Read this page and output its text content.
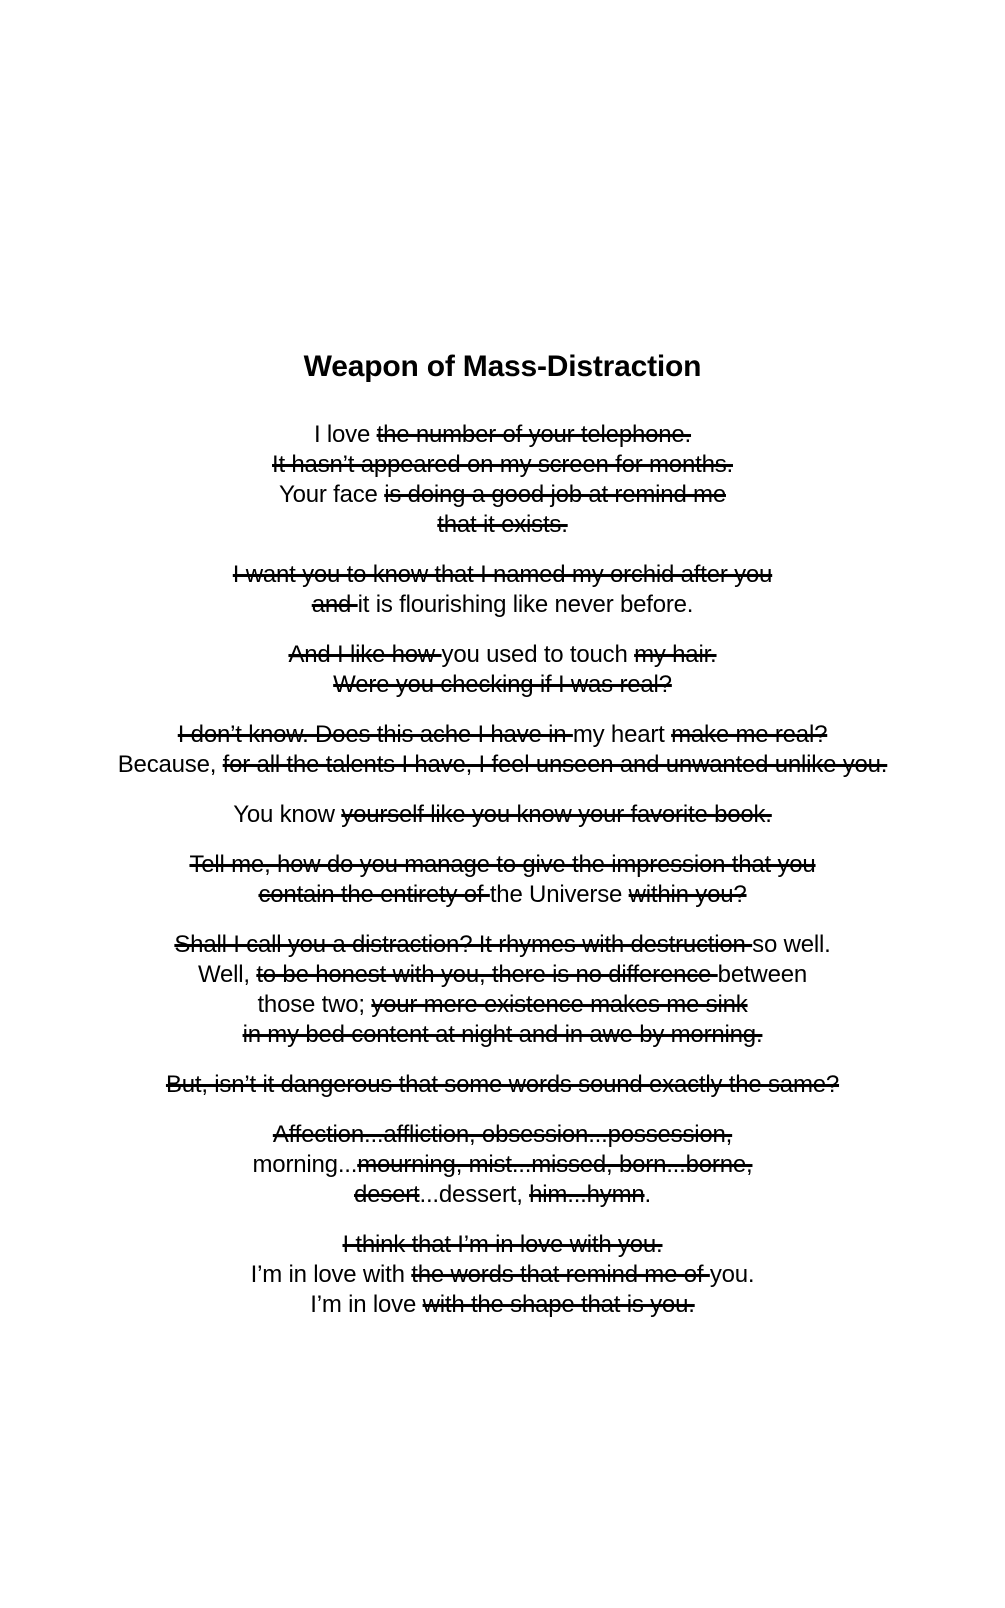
Weapon of Mass-Distraction
I love the number of your telephone.
It hasn’t appeared on my screen for months.
Your face is doing a good job at remind me
that it exists.
I want you to know that I named my orchid after you
and it is flourishing like never before.
And I like how you used to touch my hair.
Were you checking if I was real?
I don’t know. Does this ache I have in my heart make me real?
Because, for all the talents I have, I feel unseen and unwanted unlike you.
You know yourself like you know your favorite book.
Tell me, how do you manage to give the impression that you
contain the entirety of the Universe within you?
Shall I call you a distraction? It rhymes with destruction so well.
Well, to be honest with you, there is no difference between
those two; your mere existence makes me sink
in my bed content at night and in awe by morning.
But, isn’t it dangerous that some words sound exactly the same?
Affection...affliction, obsession...possession,
morning...mourning, mist...missed, born...borne,
desert...dessert, him...hymn.
I think that I’m in love with you.
I’m in love with the words that remind me of you.
I’m in love with the shape that is you.
